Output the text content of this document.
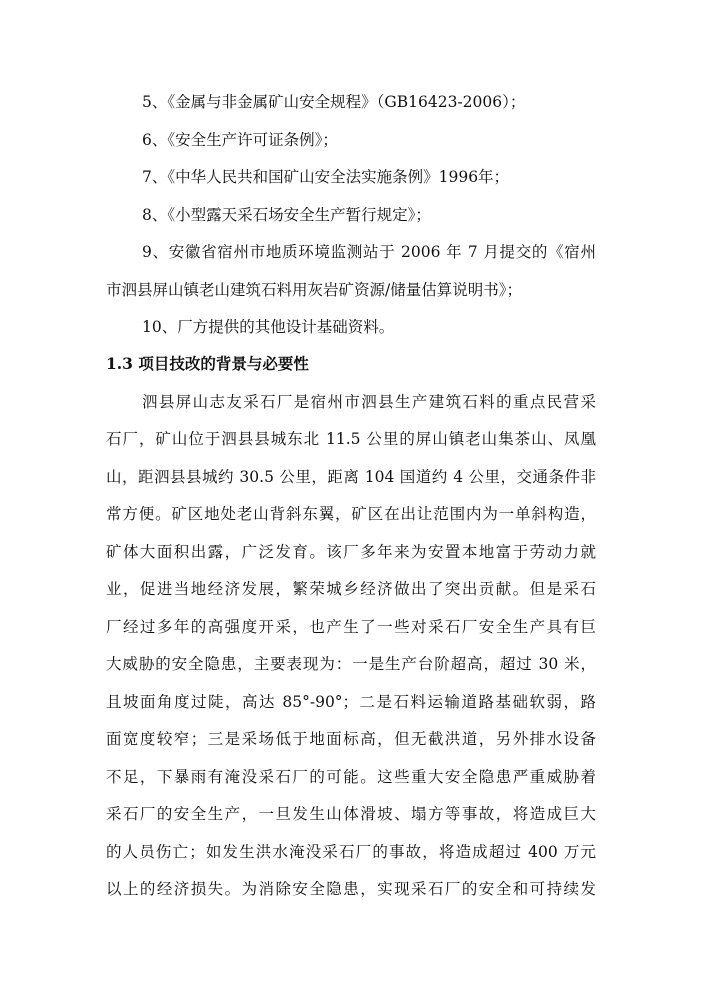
5、《金属与非金属矿山安全规程》（GB16423-2006）；
6、《安全生产许可证条例》；
7、《中华人民共和国矿山安全法实施条例》1996年；
8、《小型露天采石场安全生产暂行规定》；
9、安徽省宿州市地质环境监测站于 2006 年 7 月提交的《宿州
市泗县屏山镇老山建筑石料用灰岩矿资源/储量估算说明书》；
10、厂方提供的其他设计基础资料。
1.3 项目技改的背景与必要性
泗县屏山志友采石厂是宿州市泗县生产建筑石料的重点民营采
石厂，矿山位于泗县县城东北 11.5 公里的屏山镇老山集茶山、凤凰
山，距泗县县城约 30.5 公里，距离 104 国道约 4 公里，交通条件非
常方便。矿区地处老山背斜东翼，矿区在出让范围内为一单斜构造，
矿体大面积出露，广泛发育。该厂多年来为安置本地富于劳动力就
业，促进当地经济发展，繁荣城乡经济做出了突出贡献。但是采石
厂经过多年的高强度开采，也产生了一些对采石厂安全生产具有巨
大威胁的安全隐患，主要表现为：一是生产台阶超高，超过 30 米，
且坡面角度过陡，高达 85°-90°；二是石料运输道路基础软弱，路
面宽度较窄；三是采场低于地面标高，但无截洪道，另外排水设备
不足，下暴雨有淹没采石厂的可能。这些重大安全隐患严重威胁着
采石厂的安全生产，一旦发生山体滑坡、塌方等事故，将造成巨大
的人员伤亡；如发生洪水淹没采石厂的事故，将造成超过 400 万元
以上的经济损失。为消除安全隐患，实现采石厂的安全和可持续发
